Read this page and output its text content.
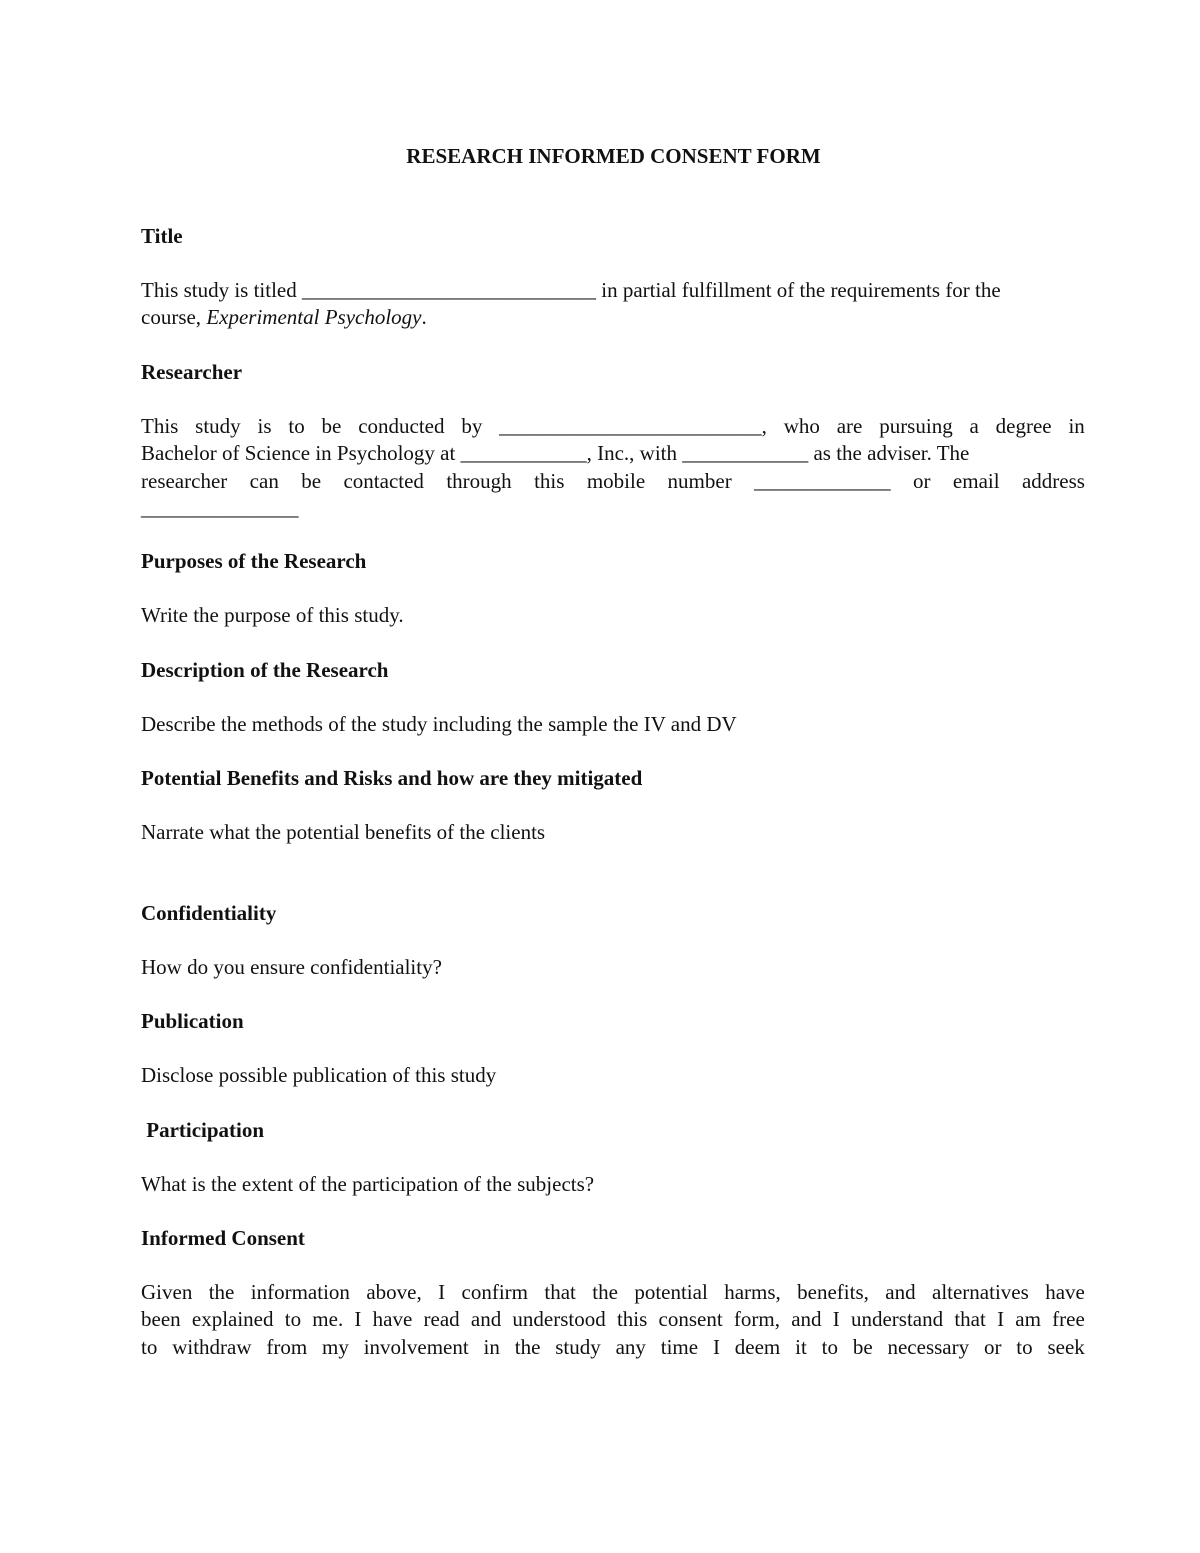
RESEARCH INFORMED CONSENT FORM
Title
This study is titled ____________________________ in partial fulfillment of the requirements for the
course, Experimental Psychology.
Researcher
This study is to be conducted by _________________________, who are pursuing a degree in
Bachelor of Science in Psychology at ____________, Inc., with ____________ as the adviser. The
researcher can be contacted through this mobile number _____________ or email address
_______________
Purposes of the Research
Write the purpose of this study.
Description of the Research
Describe the methods of the study including the sample the IV and DV
Potential Benefits and Risks and how are they mitigated
Narrate what the potential benefits of the clients
Confidentiality
How do you ensure confidentiality?
Publication
Disclose possible publication of this study
Participation
What is the extent of the participation of the subjects?
Informed Consent
Given the information above, I confirm that the potential harms, benefits, and alternatives have
been explained to me. I have read and understood this consent form, and I understand that I am free
to withdraw from my involvement in the study any time I deem it to be necessary or to seek
